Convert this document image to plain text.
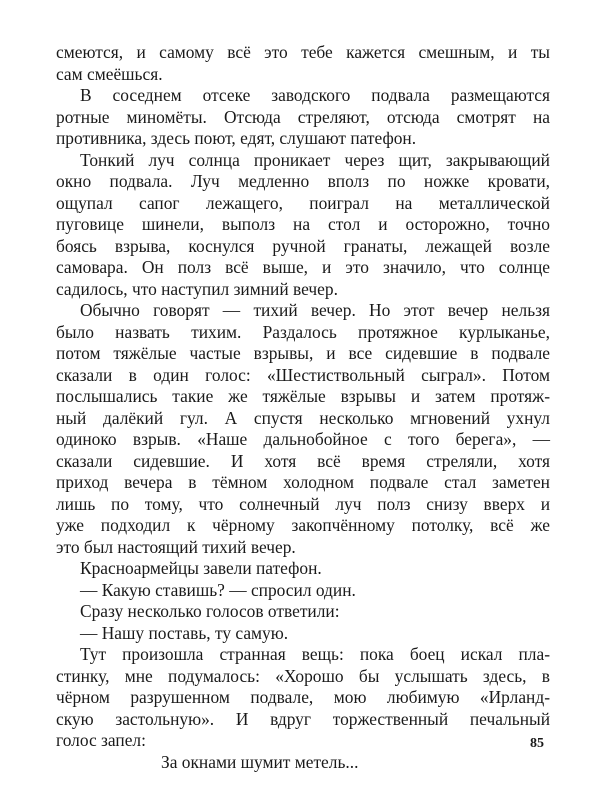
смеются, и самому всё это тебе кажется смешным, и ты
сам смеёшься.
В соседнем отсеке заводского подвала размещаются
ротные миномёты. Отсюда стреляют, отсюда смотрят на
противника, здесь поют, едят, слушают патефон.
Тонкий луч солнца проникает через щит, закрывающий
окно подвала. Луч медленно вполз по ножке кровати,
ощупал сапог лежащего, поиграл на металлической
пуговице шинели, выполз на стол и осторожно, точно
боясь взрыва, коснулся ручной гранаты, лежащей возле
самовара. Он полз всё выше, и это значило, что солнце
садилось, что наступил зимний вечер.
Обычно говорят — тихий вечер. Но этот вечер нельзя
было назвать тихим. Раздалось протяжное курлыканье,
потом тяжёлые частые взрывы, и все сидевшие в подвале
сказали в один голос: «Шестиствольный сыграл». Потом
послышались такие же тяжёлые взрывы и затем протяж-
ный далёкий гул. А спустя несколько мгновений ухнул
одиноко взрыв. «Наше дальнобойное с того берега», —
сказали сидевшие. И хотя всё время стреляли, хотя
приход вечера в тёмном холодном подвале стал заметен
лишь по тому, что солнечный луч полз снизу вверх и
уже подходил к чёрному закопчённому потолку, всё же
это был настоящий тихий вечер.
Красноармейцы завели патефон.
— Какую ставишь? — спросил один.
Сразу несколько голосов ответили:
— Нашу поставь, ту самую.
Тут произошла странная вещь: пока боец искал пла-
стинку, мне подумалось: «Хорошо бы услышать здесь, в
чёрном разрушенном подвале, мою любимую «Ирланд-
скую застольную». И вдруг торжественный печальный
голос запел:
За окнами шумит метель...
85
